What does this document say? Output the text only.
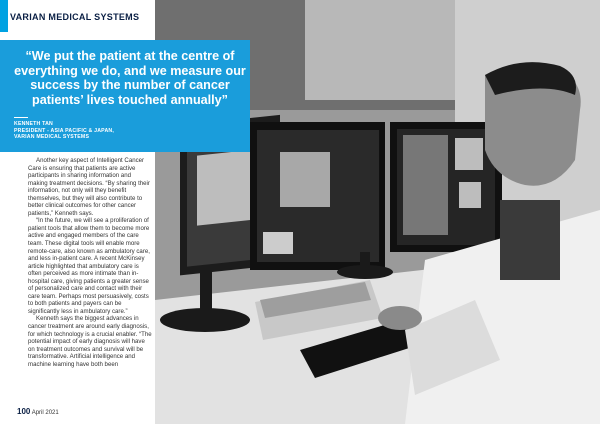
VARIAN MEDICAL SYSTEMS
“We put the patient at the centre of everything we do, and we measure our success by the number of cancer patients’ lives touched annually”
KENNETH TAN
PRESIDENT - ASIA PACIFIC & JAPAN,
VARIAN MEDICAL SYSTEMS

Another key aspect of Intelligent Cancer Care is ensuring that patients are active participants in sharing information and making treatment decisions. “By sharing their information, not only will they benefit themselves, but they will also contribute to better clinical outcomes for other cancer patients,” Kenneth says.

“In the future, we will see a proliferation of patient tools that allow them to become more active and engaged members of the care team. These digital tools will enable more remote-care, also known as ambulatory care, and less in-patient care. A recent McKinsey article highlighted that ambulatory care is often perceived as more intimate than in-hospital care, giving patients a greater sense of personalized care and contact with their care team. Perhaps most persuasively, costs to both patients and payers can be significantly less in ambulatory care.”

Kenneth says the biggest advances in cancer treatment are around early diagnosis, for which technology is a crucial enabler. “The potential impact of early diagnosis will have on treatment outcomes and survival will be transformative. Artificial intelligence and machine learning have both been

100 April 2021
